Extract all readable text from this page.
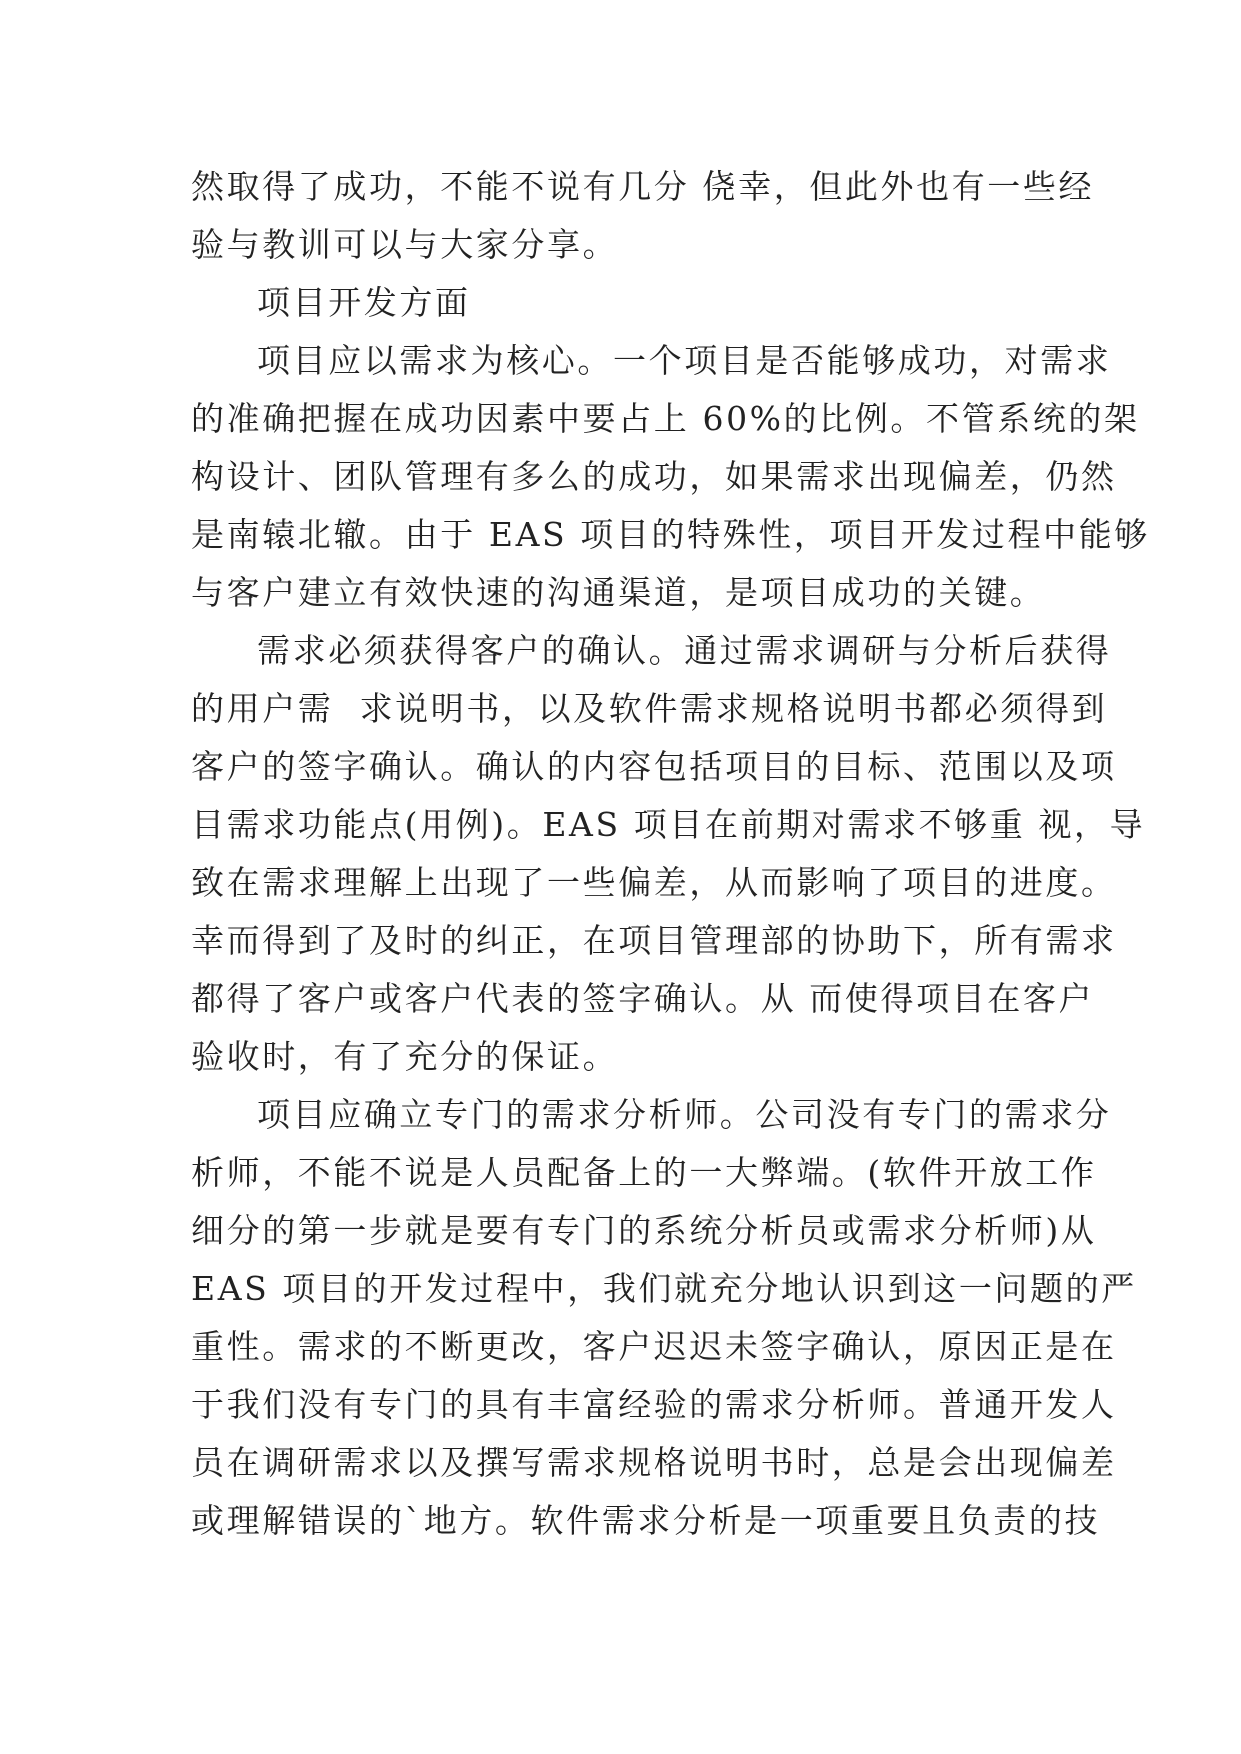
然取得了成功，不能不说有几分 侥幸，但此外也有一些经
验与教训可以与大家分享。
项目开发方面
项目应以需求为核心。一个项目是否能够成功，对需求
的准确把握在成功因素中要占上 60%的比例。不管系统的架
构设计、团队管理有多么的成功，如果需求出现偏差，仍然
是南辕北辙。由于 EAS 项目的特殊性，项目开发过程中能够
与客户建立有效快速的沟通渠道，是项目成功的关键。
需求必须获得客户的确认。通过需求调研与分析后获得
的用户需  求说明书，以及软件需求规格说明书都必须得到
客户的签字确认。确认的内容包括项目的目标、范围以及项
目需求功能点(用例)。EAS 项目在前期对需求不够重 视，导
致在需求理解上出现了一些偏差，从而影响了项目的进度。
幸而得到了及时的纠正，在项目管理部的协助下，所有需求
都得了客户或客户代表的签字确认。从 而使得项目在客户
验收时，有了充分的保证。
项目应确立专门的需求分析师。公司没有专门的需求分
析师，不能不说是人员配备上的一大弊端。(软件开放工作
细分的第一步就是要有专门的系统分析员或需求分析师)从
EAS 项目的开发过程中，我们就充分地认识到这一问题的严
重性。需求的不断更改，客户迟迟未签字确认，原因正是在
于我们没有专门的具有丰富经验的需求分析师。普通开发人
员在调研需求以及撰写需求规格说明书时，总是会出现偏差
或理解错误的`地方。软件需求分析是一项重要且负责的技
